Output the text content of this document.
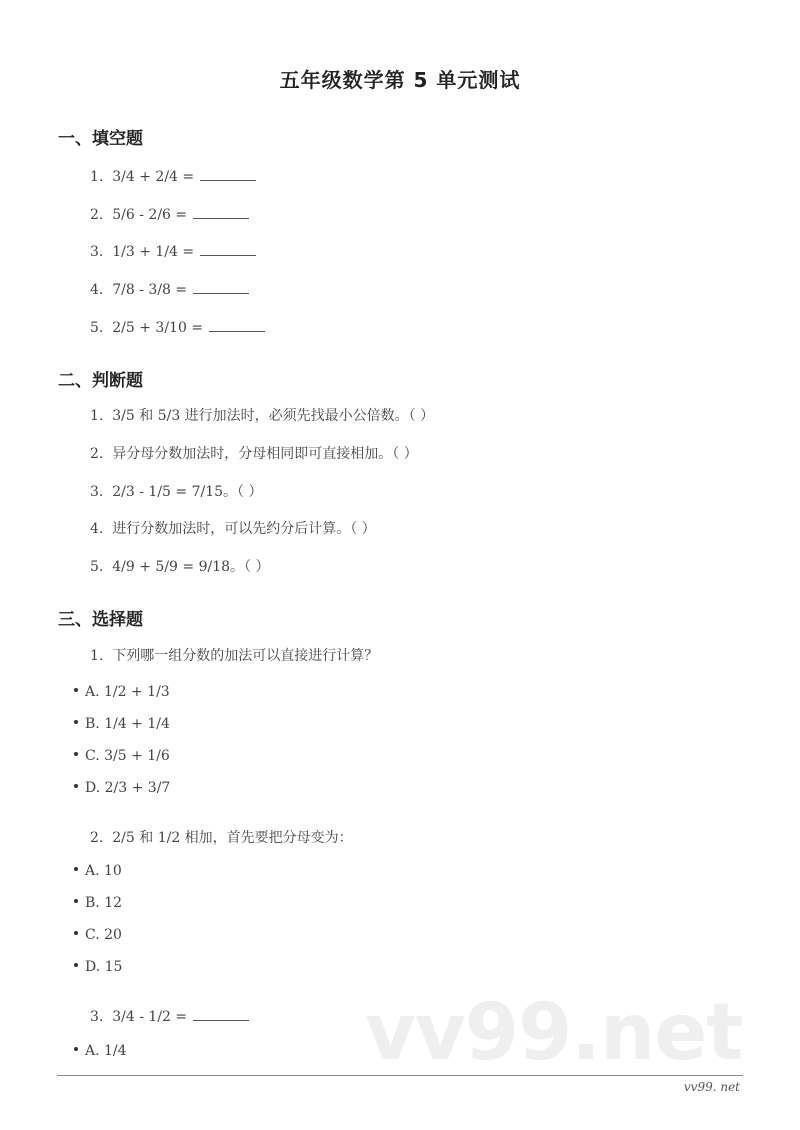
vv99.net
五年级数学第 5 单元测试
一、填空题
1. 3/4 + 2/4 =
2. 5/6 - 2/6 =
3. 1/3 + 1/4 =
4. 7/8 - 3/8 =
5. 2/5 + 3/10 =
二、判断题
1. 3/5 和 5/3 进行加法时，必须先找最小公倍数。（ ）
2. 异分母分数加法时，分母相同即可直接相加。（ ）
3. 2/3 - 1/5 = 7/15。（ ）
4. 进行分数加法时，可以先约分后计算。（ ）
5. 4/9 + 5/9 = 9/18。（ ）
三、选择题
1. 下列哪一组分数的加法可以直接进行计算？
A. 1/2 + 1/3
B. 1/4 + 1/4
C. 3/5 + 1/6
D. 2/3 + 3/7
2. 2/5 和 1/2 相加，首先要把分母变为：
A. 10
B. 12
C. 20
D. 15
3. 3/4 - 1/2 =
A. 1/4
vv99. net
